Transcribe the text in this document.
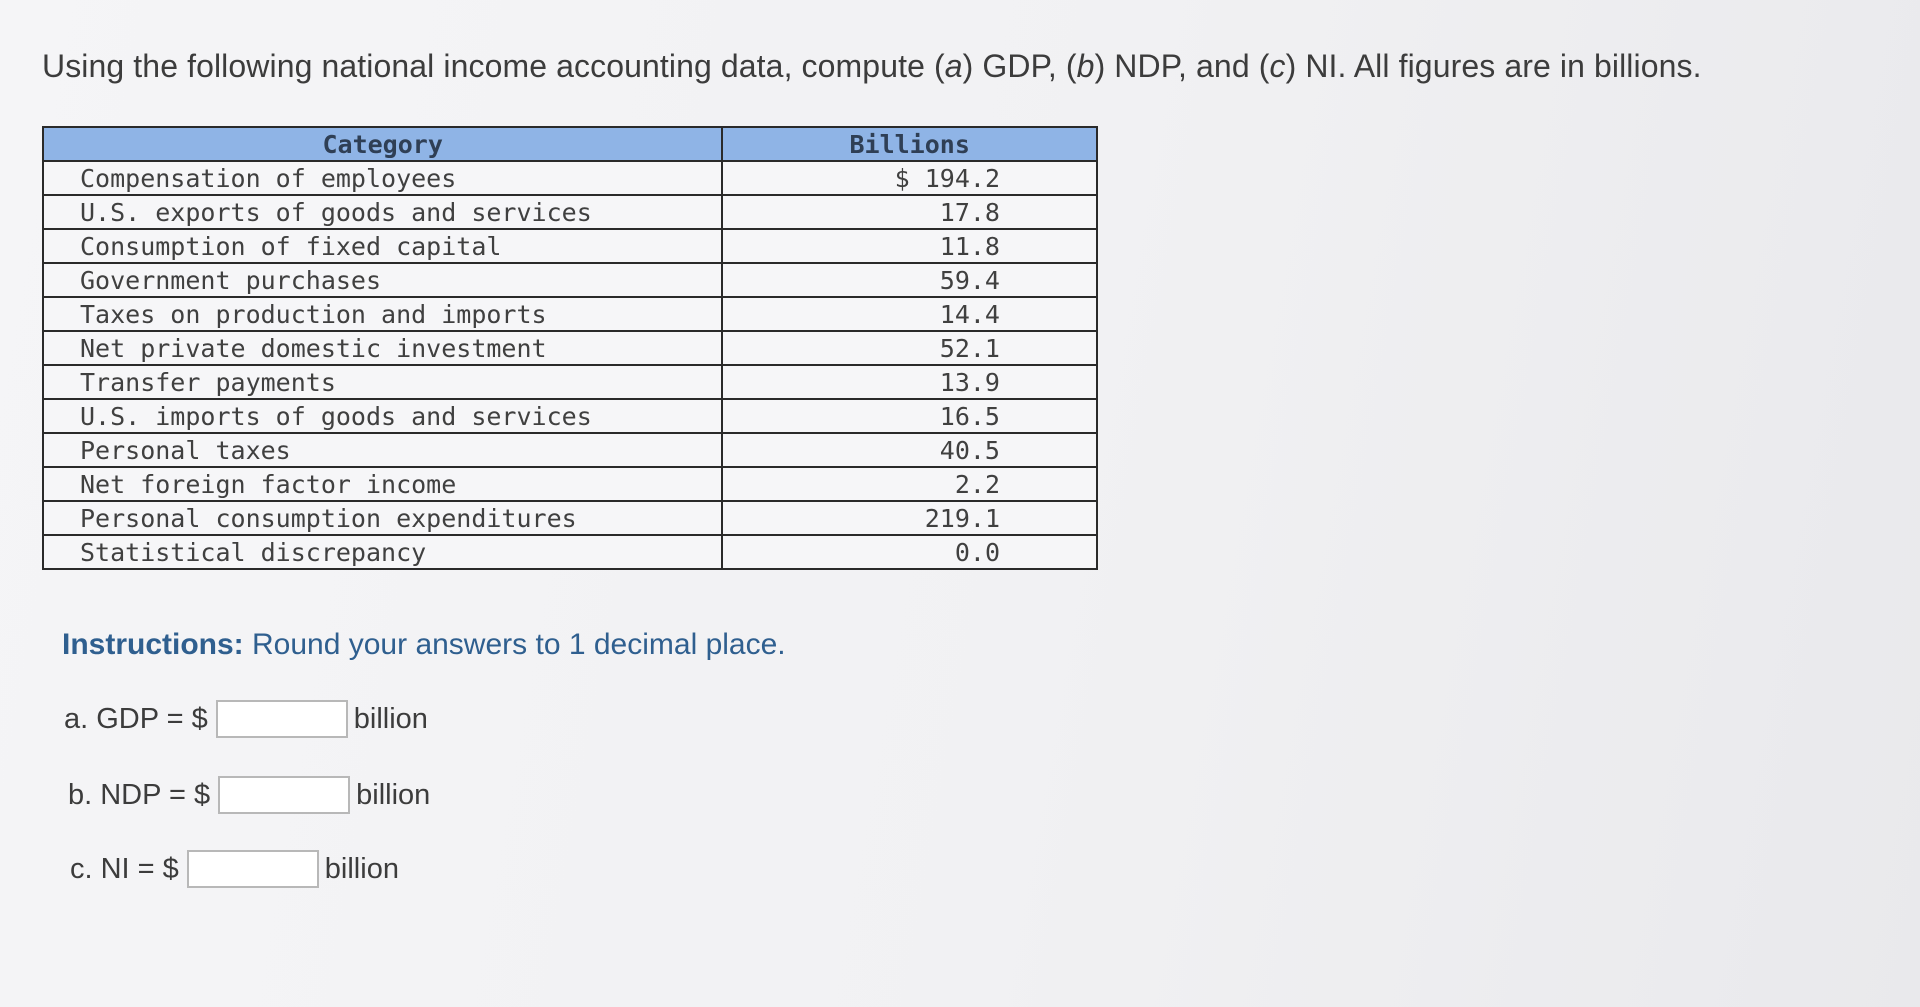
Using the following national income accounting data, compute (a) GDP, (b) NDP, and (c) NI. All figures are in billions.
Category	Billions
Compensation of employees	$ 194.2
U.S. exports of goods and services	17.8
Consumption of fixed capital	11.8
Government purchases	59.4
Taxes on production and imports	14.4
Net private domestic investment	52.1
Transfer payments	13.9
U.S. imports of goods and services	16.5
Personal taxes	40.5
Net foreign factor income	2.2
Personal consumption expenditures	219.1
Statistical discrepancy	0.0
Instructions: Round your answers to 1 decimal place.
a. GDP = $	billion
b. NDP = $	billion
c. NI = $	billion
